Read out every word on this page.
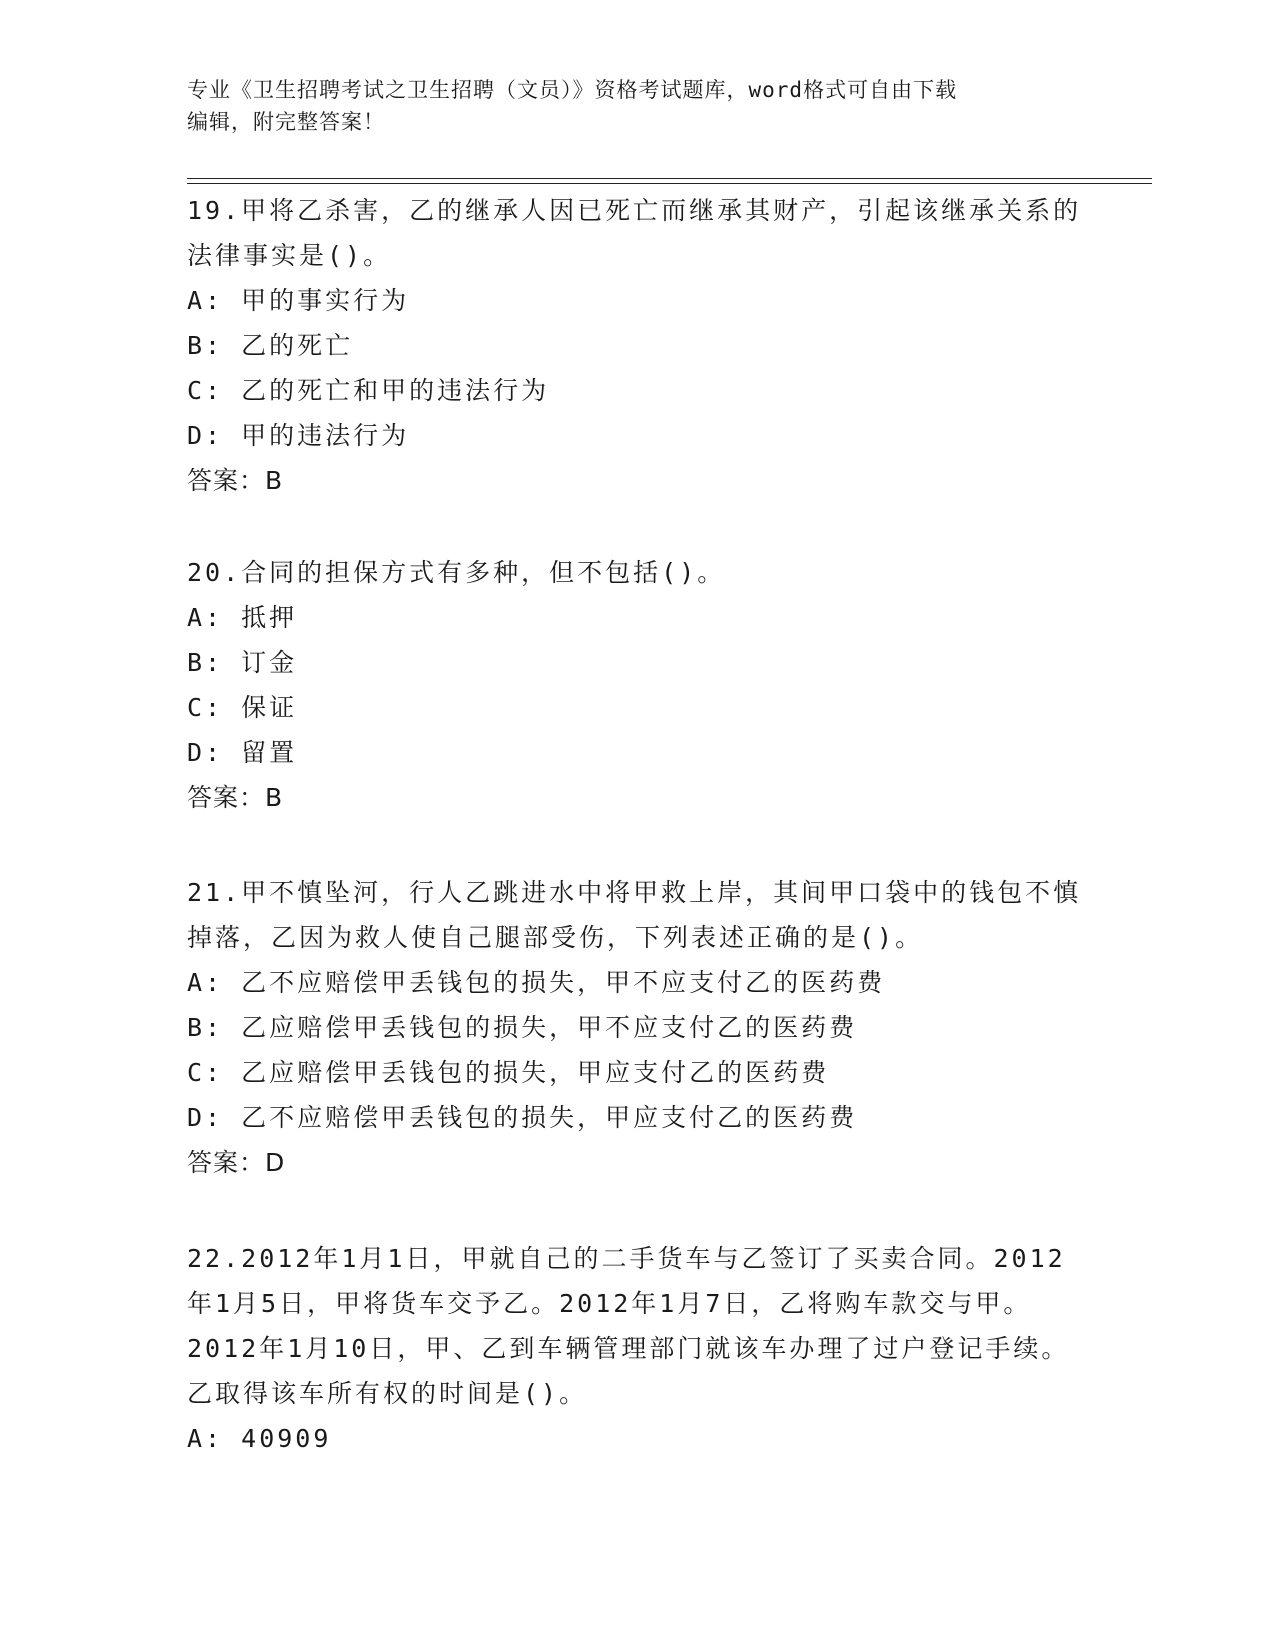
专业《卫生招聘考试之卫生招聘（文员）》资格考试题库，word格式可自由下载
编辑，附完整答案！

19.甲将乙杀害，乙的继承人因已死亡而继承其财产，引起该继承关系的法律事实是()。

A: 甲的事实行为

B: 乙的死亡

C: 乙的死亡和甲的违法行为

D: 甲的违法行为

答案：B

20.合同的担保方式有多种，但不包括()。

A: 抵押

B: 订金

C: 保证

D: 留置

答案：B

21.甲不慎坠河，行人乙跳进水中将甲救上岸，其间甲口袋中的钱包不慎掉落，乙因为救人使自己腿部受伤，下列表述正确的是()。

A: 乙不应赔偿甲丢钱包的损失，甲不应支付乙的医药费

B: 乙应赔偿甲丢钱包的损失，甲不应支付乙的医药费

C: 乙应赔偿甲丢钱包的损失，甲应支付乙的医药费

D: 乙不应赔偿甲丢钱包的损失，甲应支付乙的医药费

答案：D

22.2012年1月1日，甲就自己的二手货车与乙签订了买卖合同。2012年1月5日，甲将货车交予乙。2012年1月7日，乙将购车款交与甲。2012年1月10日，甲、乙到车辆管理部门就该车办理了过户登记手续。乙取得该车所有权的时间是()。

A: 40909
